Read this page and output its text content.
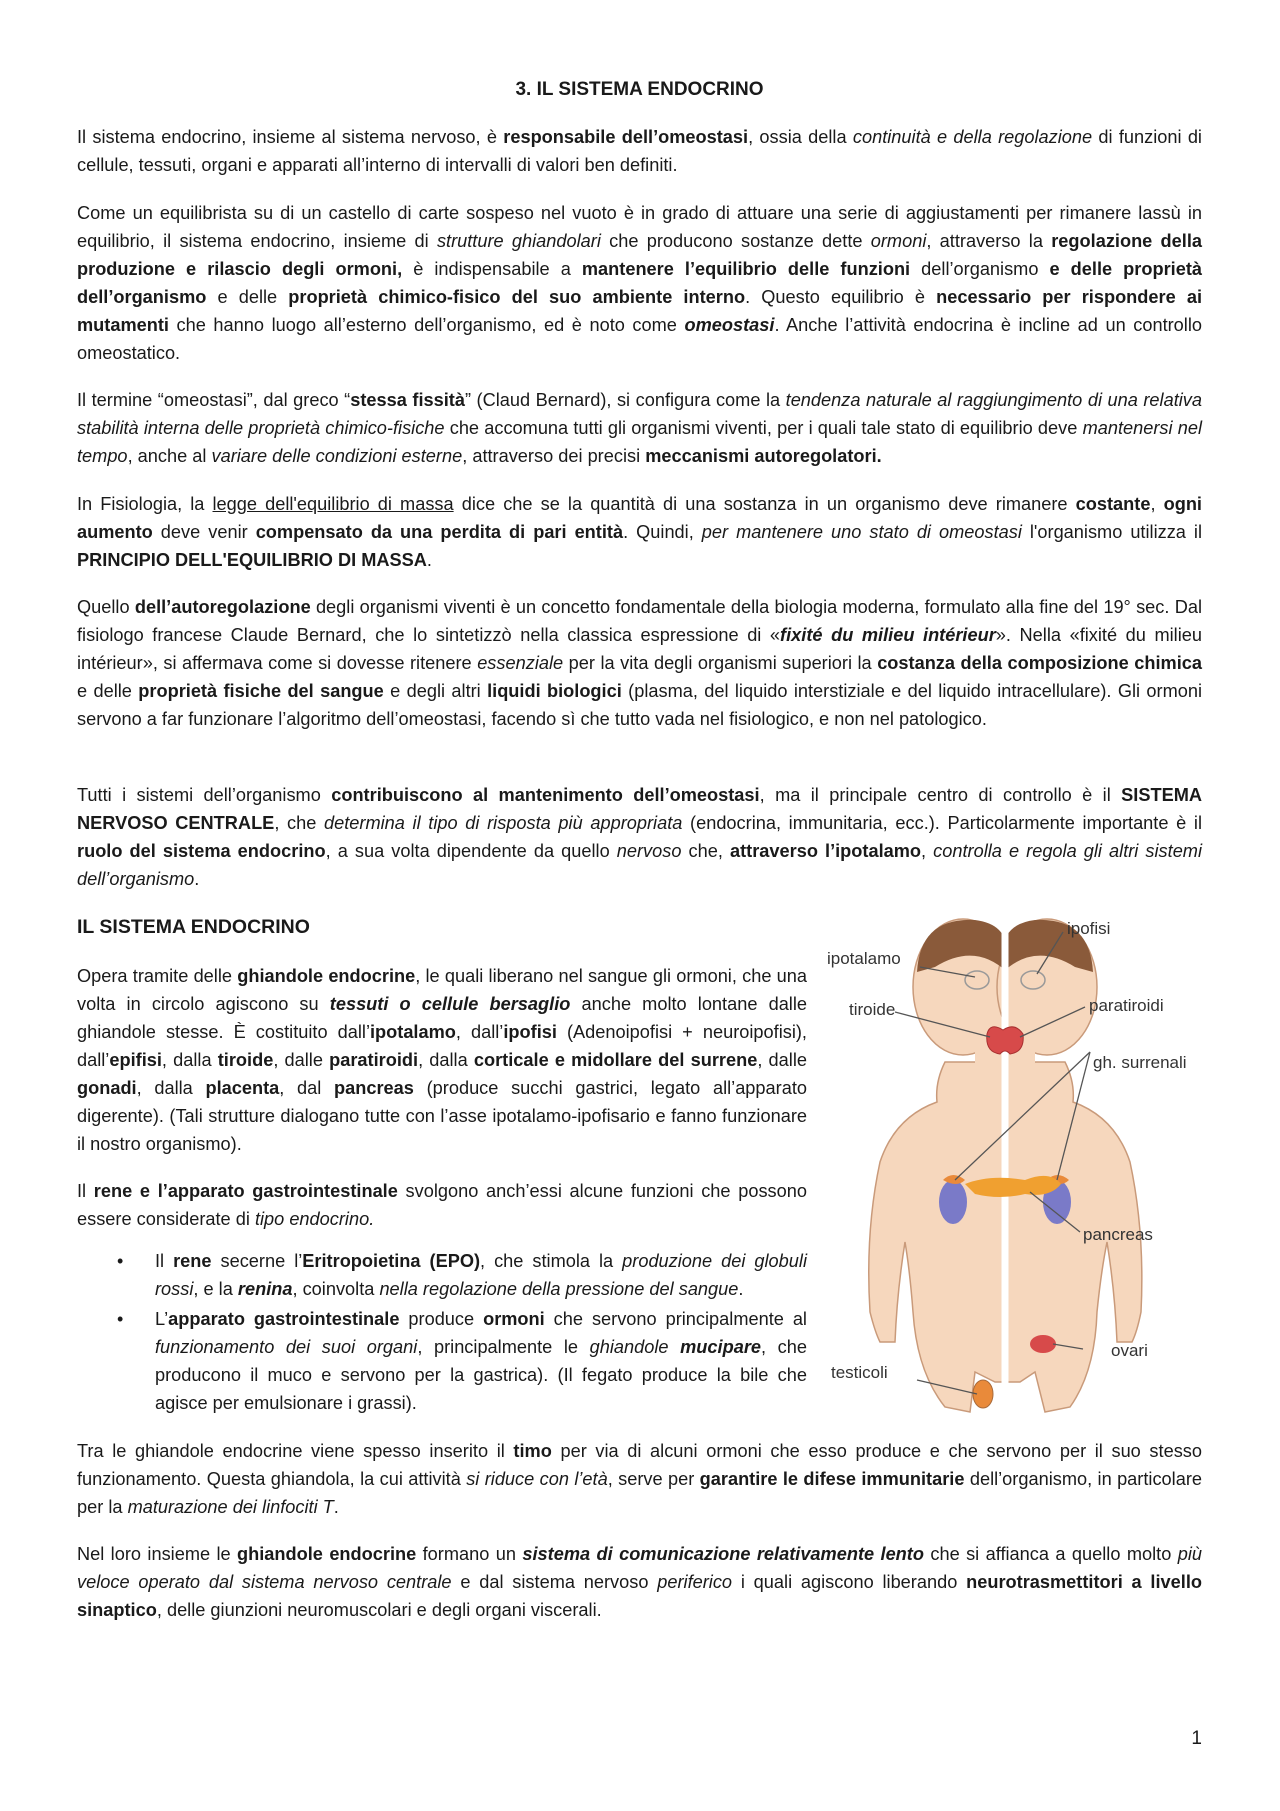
3. IL SISTEMA ENDOCRINO

Il sistema endocrino, insieme al sistema nervoso, è responsabile dell’omeostasi, ossia della continuità e della regolazione di funzioni di cellule, tessuti, organi e apparati all’interno di intervalli di valori ben definiti.

Come un equilibrista su di un castello di carte sospeso nel vuoto è in grado di attuare una serie di aggiustamenti per rimanere lassù in equilibrio, il sistema endocrino, insieme di strutture ghiandolari che producono sostanze dette ormoni, attraverso la regolazione della produzione e rilascio degli ormoni, è indispensabile a mantenere l’equilibrio delle funzioni dell’organismo e delle proprietà dell’organismo e delle proprietà chimico-fisico del suo ambiente interno. Questo equilibrio è necessario per rispondere ai mutamenti che hanno luogo all’esterno dell’organismo, ed è noto come omeostasi. Anche l’attività endocrina è incline ad un controllo omeostatico.

Il termine “omeostasi”, dal greco “stessa fissità” (Claud Bernard), si configura come la tendenza naturale al raggiungimento di una relativa stabilità interna delle proprietà chimico-fisiche che accomuna tutti gli organismi viventi, per i quali tale stato di equilibrio deve mantenersi nel tempo, anche al variare delle condizioni esterne, attraverso dei precisi meccanismi autoregolatori.

In Fisiologia, la legge dell'equilibrio di massa dice che se la quantità di una sostanza in un organismo deve rimanere costante, ogni aumento deve venir compensato da una perdita di pari entità. Quindi, per mantenere uno stato di omeostasi l'organismo utilizza il PRINCIPIO DELL'EQUILIBRIO DI MASSA.

Quello dell’autoregolazione degli organismi viventi è un concetto fondamentale della biologia moderna, formulato alla fine del 19° sec. Dal fisiologo francese Claude Bernard, che lo sintetizzò nella classica espressione di «fixité du milieu intérieur». Nella «fixité du milieu intérieur», si affermava come si dovesse ritenere essenziale per la vita degli organismi superiori la costanza della composizione chimica e delle proprietà fisiche del sangue e degli altri liquidi biologici (plasma, del liquido interstiziale e del liquido intracellulare). Gli ormoni servono a far funzionare l’algoritmo dell’omeostasi, facendo sì che tutto vada nel fisiologico, e non nel patologico.

Tutti i sistemi dell’organismo contribuiscono al mantenimento dell’omeostasi, ma il principale centro di controllo è il SISTEMA NERVOSO CENTRALE, che determina il tipo di risposta più appropriata (endocrina, immunitaria, ecc.). Particolarmente importante è il ruolo del sistema endocrino, a sua volta dipendente da quello nervoso che, attraverso l’ipotalamo, controlla e regola gli altri sistemi dell’organismo.

IL SISTEMA ENDOCRINO

Opera tramite delle ghiandole endocrine, le quali liberano nel sangue gli ormoni, che una volta in circolo agiscono su tessuti o cellule bersaglio anche molto lontane dalle ghiandole stesse. È costituito dall’ipotalamo, dall’ipofisi (Adenoipofisi + neuroipofisi), dall’epifisi, dalla tiroide, dalle paratiroidi, dalla corticale e midollare del surrene, dalle gonadi, dalla placenta, dal pancreas (produce succhi gastrici, legato all’apparato digerente). (Tali strutture dialogano tutte con l’asse ipotalamo-ipofisario e fanno funzionare il nostro organismo).

Il rene e l’apparato gastrointestinale svolgono anch’essi alcune funzioni che possono essere considerate di tipo endocrino.

• Il rene secerne l’Eritropoietina (EPO), che stimola la produzione dei globuli rossi, e la renina, coinvolta nella regolazione della pressione del sangue.
• L’apparato gastrointestinale produce ormoni che servono principalmente al funzionamento dei suoi organi, principalmente le ghiandole mucipare, che producono il muco e servono per la gastrica). (Il fegato produce la bile che agisce per emulsionare i grassi).
ipotalamo
ipofisi
tiroide	paratiroidi
gh. surrenali
pancreas
ovari
testicoli

Tra le ghiandole endocrine viene spesso inserito il timo per via di alcuni ormoni che esso produce e che servono per il suo stesso funzionamento. Questa ghiandola, la cui attività si riduce con l’età, serve per garantire le difese immunitarie dell’organismo, in particolare per la maturazione dei linfociti T.

Nel loro insieme le ghiandole endocrine formano un sistema di comunicazione relativamente lento che si affianca a quello molto più veloce operato dal sistema nervoso centrale e dal sistema nervoso periferico i quali agiscono liberando neurotrasmettitori a livello sinaptico, delle giunzioni neuromuscolari e degli organi viscerali.

1
